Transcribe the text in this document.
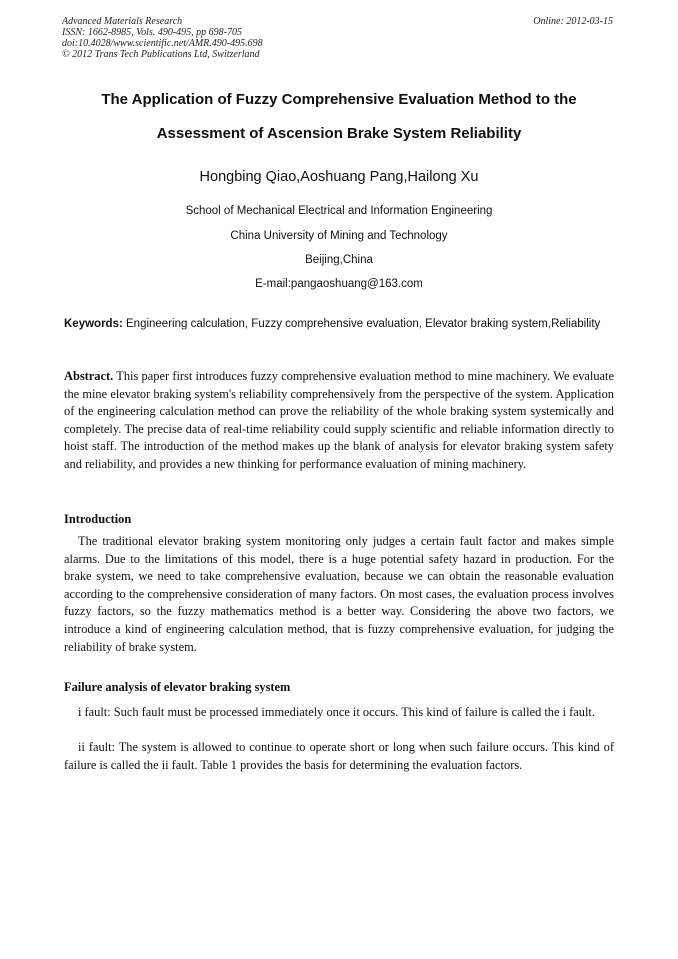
Advanced Materials Research
ISSN: 1662-8985, Vols. 490-495, pp 698-705
doi:10.4028/www.scientific.net/AMR.490-495.698
© 2012 Trans Tech Publications Ltd, Switzerland
Online: 2012-03-15
The Application of Fuzzy Comprehensive Evaluation Method to the
Assessment of Ascension Brake System Reliability
Hongbing Qiao,Aoshuang Pang,Hailong Xu
School of Mechanical Electrical and Information Engineering
China University of Mining and Technology
Beijing,China
E-mail:pangaoshuang@163.com
Keywords: Engineering calculation, Fuzzy comprehensive evaluation, Elevator braking system,Reliability
Abstract. This paper first introduces fuzzy comprehensive evaluation method to mine machinery. We evaluate the mine elevator braking system's reliability comprehensively from the perspective of the system. Application of the engineering calculation method can prove the reliability of the whole braking system systemically and completely. The precise data of real-time reliability could supply scientific and reliable information directly to hoist staff. The introduction of the method makes up the blank of analysis for elevator braking system safety and reliability, and provides a new thinking for performance evaluation of mining machinery.
Introduction
The traditional elevator braking system monitoring only judges a certain fault factor and makes simple alarms. Due to the limitations of this model, there is a huge potential safety hazard in production. For the brake system, we need to take comprehensive evaluation, because we can obtain the reasonable evaluation according to the comprehensive consideration of many factors. On most cases, the evaluation process involves fuzzy factors, so the fuzzy mathematics method is a better way. Considering the above two factors, we introduce a kind of engineering calculation method, that is fuzzy comprehensive evaluation, for judging the reliability of brake system.
Failure analysis of elevator braking system
i fault: Such fault must be processed immediately once it occurs. This kind of failure is called the i fault.
ii fault: The system is allowed to continue to operate short or long when such failure occurs. This kind of failure is called the ii fault. Table 1 provides the basis for determining the evaluation factors.
